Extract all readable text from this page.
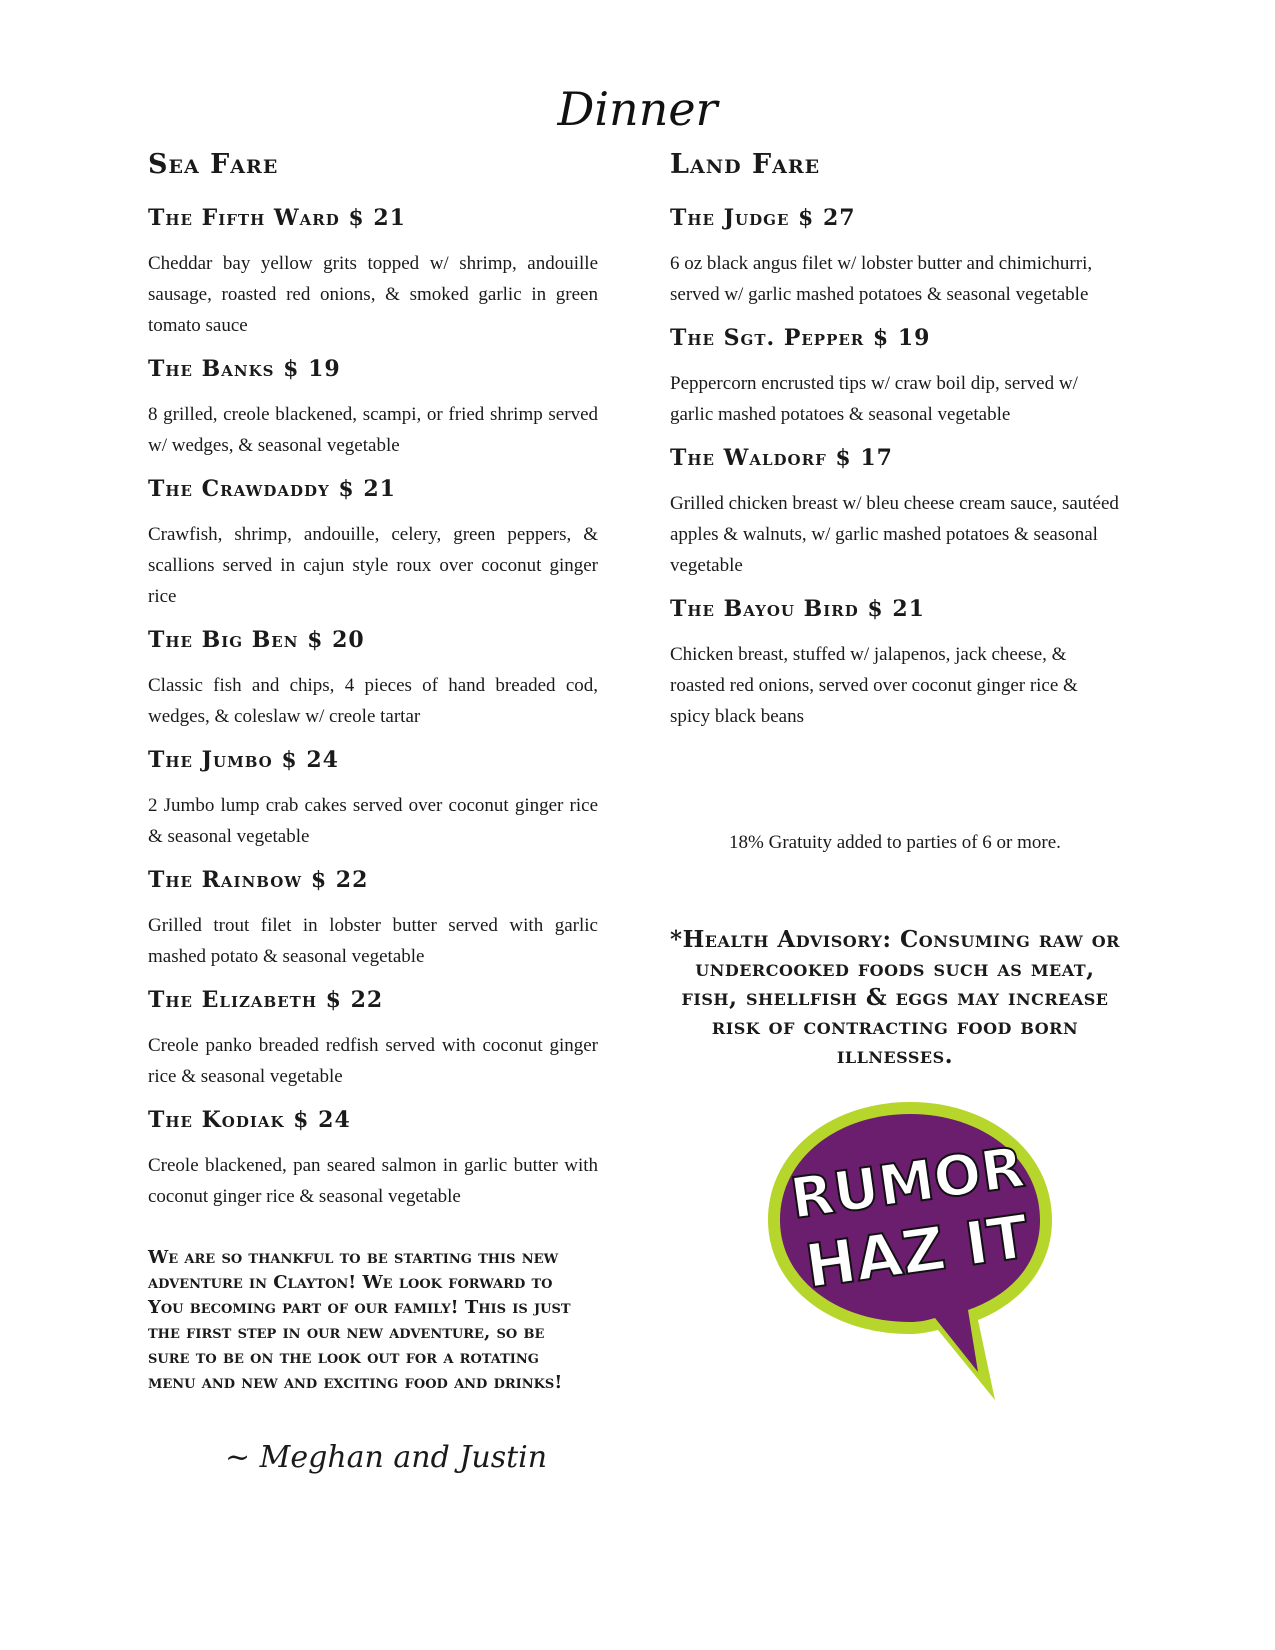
Dinner
Sea Fare
The Fifth Ward $ 21
Cheddar bay yellow grits topped w/ shrimp, andouille sausage, roasted red onions, & smoked garlic in green tomato sauce
The Banks $ 19
8 grilled, creole blackened, scampi, or fried shrimp served w/ wedges, & seasonal vegetable
The Crawdaddy $ 21
Crawfish, shrimp, andouille, celery, green peppers, & scallions served in cajun style roux over coconut ginger rice
The Big Ben $ 20
Classic fish and chips, 4 pieces of hand breaded cod, wedges, & coleslaw w/ creole tartar
The Jumbo $ 24
2 Jumbo lump crab cakes served over coconut ginger rice & seasonal vegetable
The Rainbow $ 22
Grilled trout filet in lobster butter served with garlic mashed potato & seasonal vegetable
The Elizabeth $ 22
Creole panko breaded redfish served with coconut ginger rice & seasonal vegetable
The Kodiak $ 24
Creole blackened, pan seared salmon in garlic butter with coconut ginger rice & seasonal vegetable
Land Fare
The Judge $ 27
6 oz black angus filet w/ lobster butter and chimichurri, served w/ garlic mashed potatoes & seasonal vegetable
The Sgt. Pepper $ 19
Peppercorn encrusted tips w/ craw boil dip, served w/ garlic mashed potatoes & seasonal vegetable
The Waldorf $ 17
Grilled chicken breast w/ bleu cheese cream sauce, sautéed apples & walnuts, w/ garlic mashed potatoes & seasonal vegetable
The Bayou Bird $ 21
Chicken breast, stuffed w/ jalapenos, jack cheese, & roasted red onions, served over coconut ginger rice & spicy black beans
18% Gratuity added to parties of 6 or more.
*Health Advisory: Consuming raw or undercooked foods such as meat, fish, shellfish & eggs may increase risk of contracting food born illnesses.
RUMOR
HAZ IT
We are so thankful to be starting this new adventure in Clayton! We look forward to You becoming part of our family! This is just the first step in our new adventure, so be sure to be on the look out for a rotating menu and new and exciting food and drinks!
~ Meghan and Justin
